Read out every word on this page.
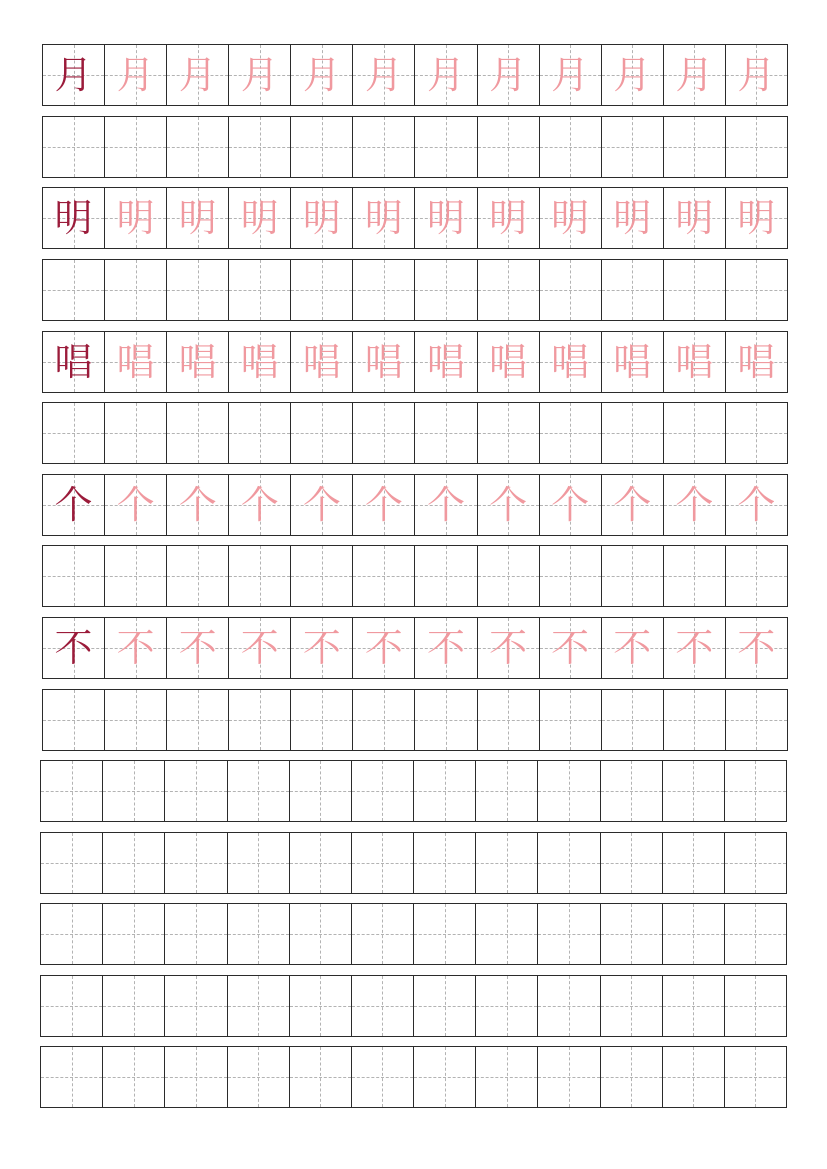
月 月 月 月 月 月 月 月 月 月 月 月
明 明 明 明 明 明 明 明 明 明 明 明
唱 唱 唱 唱 唱 唱 唱 唱 唱 唱 唱 唱
个 个 个 个 个 个 个 个 个 个 个 个
不 不 不 不 不 不 不 不 不 不 不 不
